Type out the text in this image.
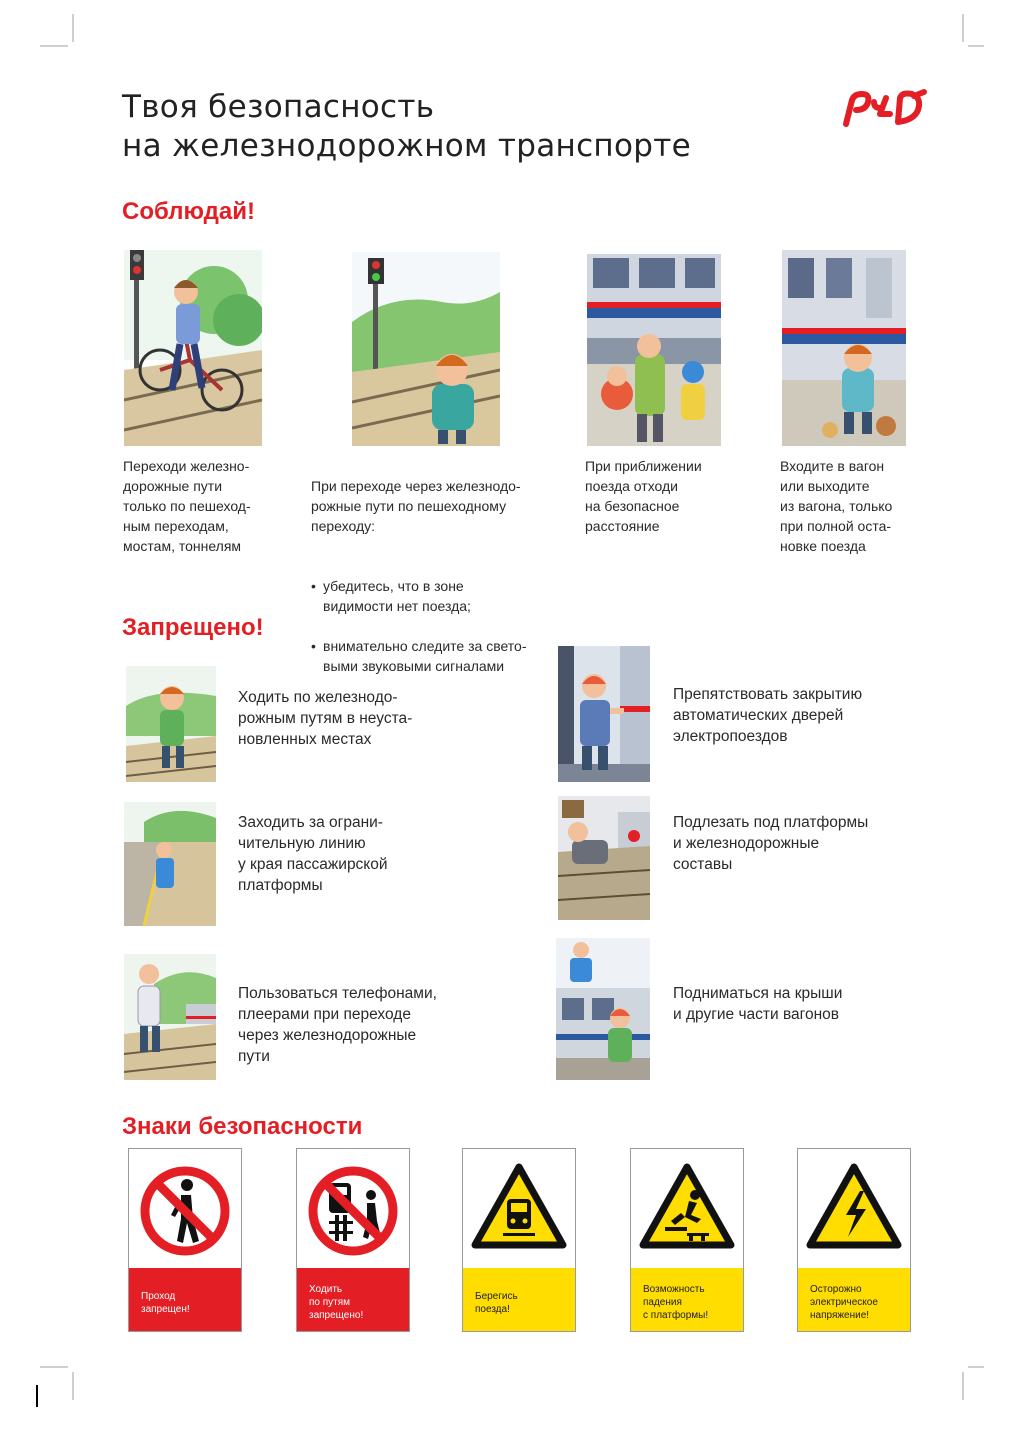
Твоя безопасность
на железнодорожном транспорте
Соблюдай!
Переходи железно-
дорожные пути
только по пешеход-
ным переходам,
мостам, тоннелям

При переходе через железнодо-
рожные пути по пешеходному
переходу:

• убедитесь, что в зоне
видимости нет поезда;

• внимательно следите за свето-
выми звуковыми сигналами

При приближении
поезда отходи
на безопасное
расстояние
Входите в вагон
или выходите
из вагона, только
при полной оста-
новке поезда
Запрещено!
Ходить по железнодо-
рожным путям в неуста-
новленных местах
Препятствовать закрытию
автоматических дверей
электропоездов
Заходить за ограни-
чительную линию
у края пассажирской
платформы
Подлезать под платформы
и железнодорожные
составы
Пользоваться телефонами,
плеерами при переходе
через железнодорожные
пути
Подниматься на крыши
и другие части вагонов
Знаки безопасности
Проход
запрещен!
Ходить
по путям
запрещено!
Берегись
поезда!
Возможность
падения
с платформы!
Осторожно
электрическое
напряжение!
